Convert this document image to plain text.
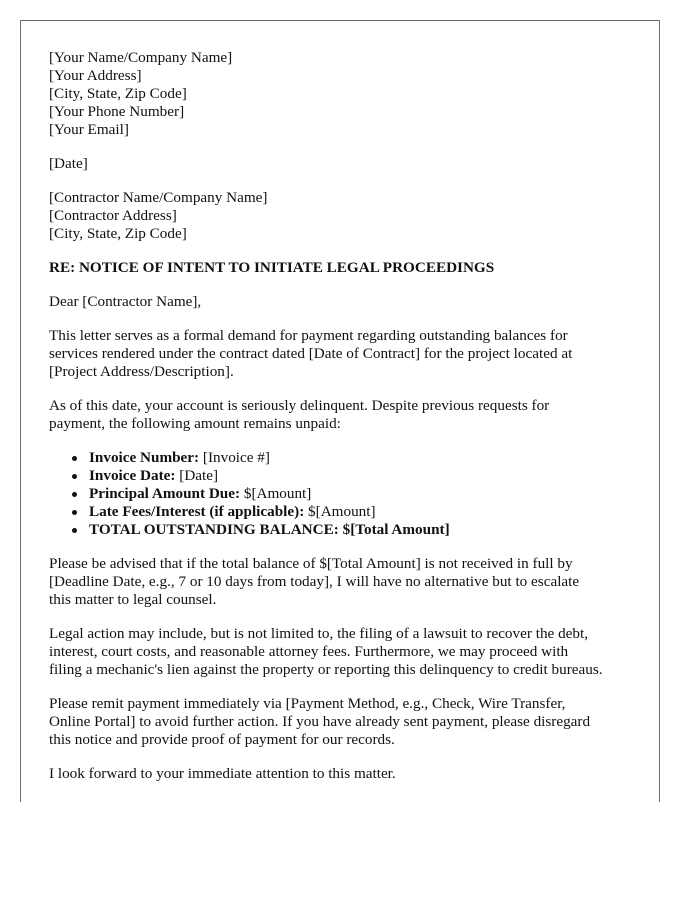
[Your Name/Company Name]
[Your Address]
[City, State, Zip Code]
[Your Phone Number]
[Your Email]
[Date]
[Contractor Name/Company Name]
[Contractor Address]
[City, State, Zip Code]
RE: NOTICE OF INTENT TO INITIATE LEGAL PROCEEDINGS
Dear [Contractor Name],
This letter serves as a formal demand for payment regarding outstanding balances for
services rendered under the contract dated [Date of Contract] for the project located at
[Project Address/Description].
As of this date, your account is seriously delinquent. Despite previous requests for
payment, the following amount remains unpaid:
Invoice Number: [Invoice #]
Invoice Date: [Date]
Principal Amount Due: $[Amount]
Late Fees/Interest (if applicable): $[Amount]
TOTAL OUTSTANDING BALANCE: $[Total Amount]
Please be advised that if the total balance of $[Total Amount] is not received in full by
[Deadline Date, e.g., 7 or 10 days from today], I will have no alternative but to escalate
this matter to legal counsel.
Legal action may include, but is not limited to, the filing of a lawsuit to recover the debt,
interest, court costs, and reasonable attorney fees. Furthermore, we may proceed with
filing a mechanic's lien against the property or reporting this delinquency to credit bureaus.
Please remit payment immediately via [Payment Method, e.g., Check, Wire Transfer,
Online Portal] to avoid further action. If you have already sent payment, please disregard
this notice and provide proof of payment for our records.
I look forward to your immediate attention to this matter.
